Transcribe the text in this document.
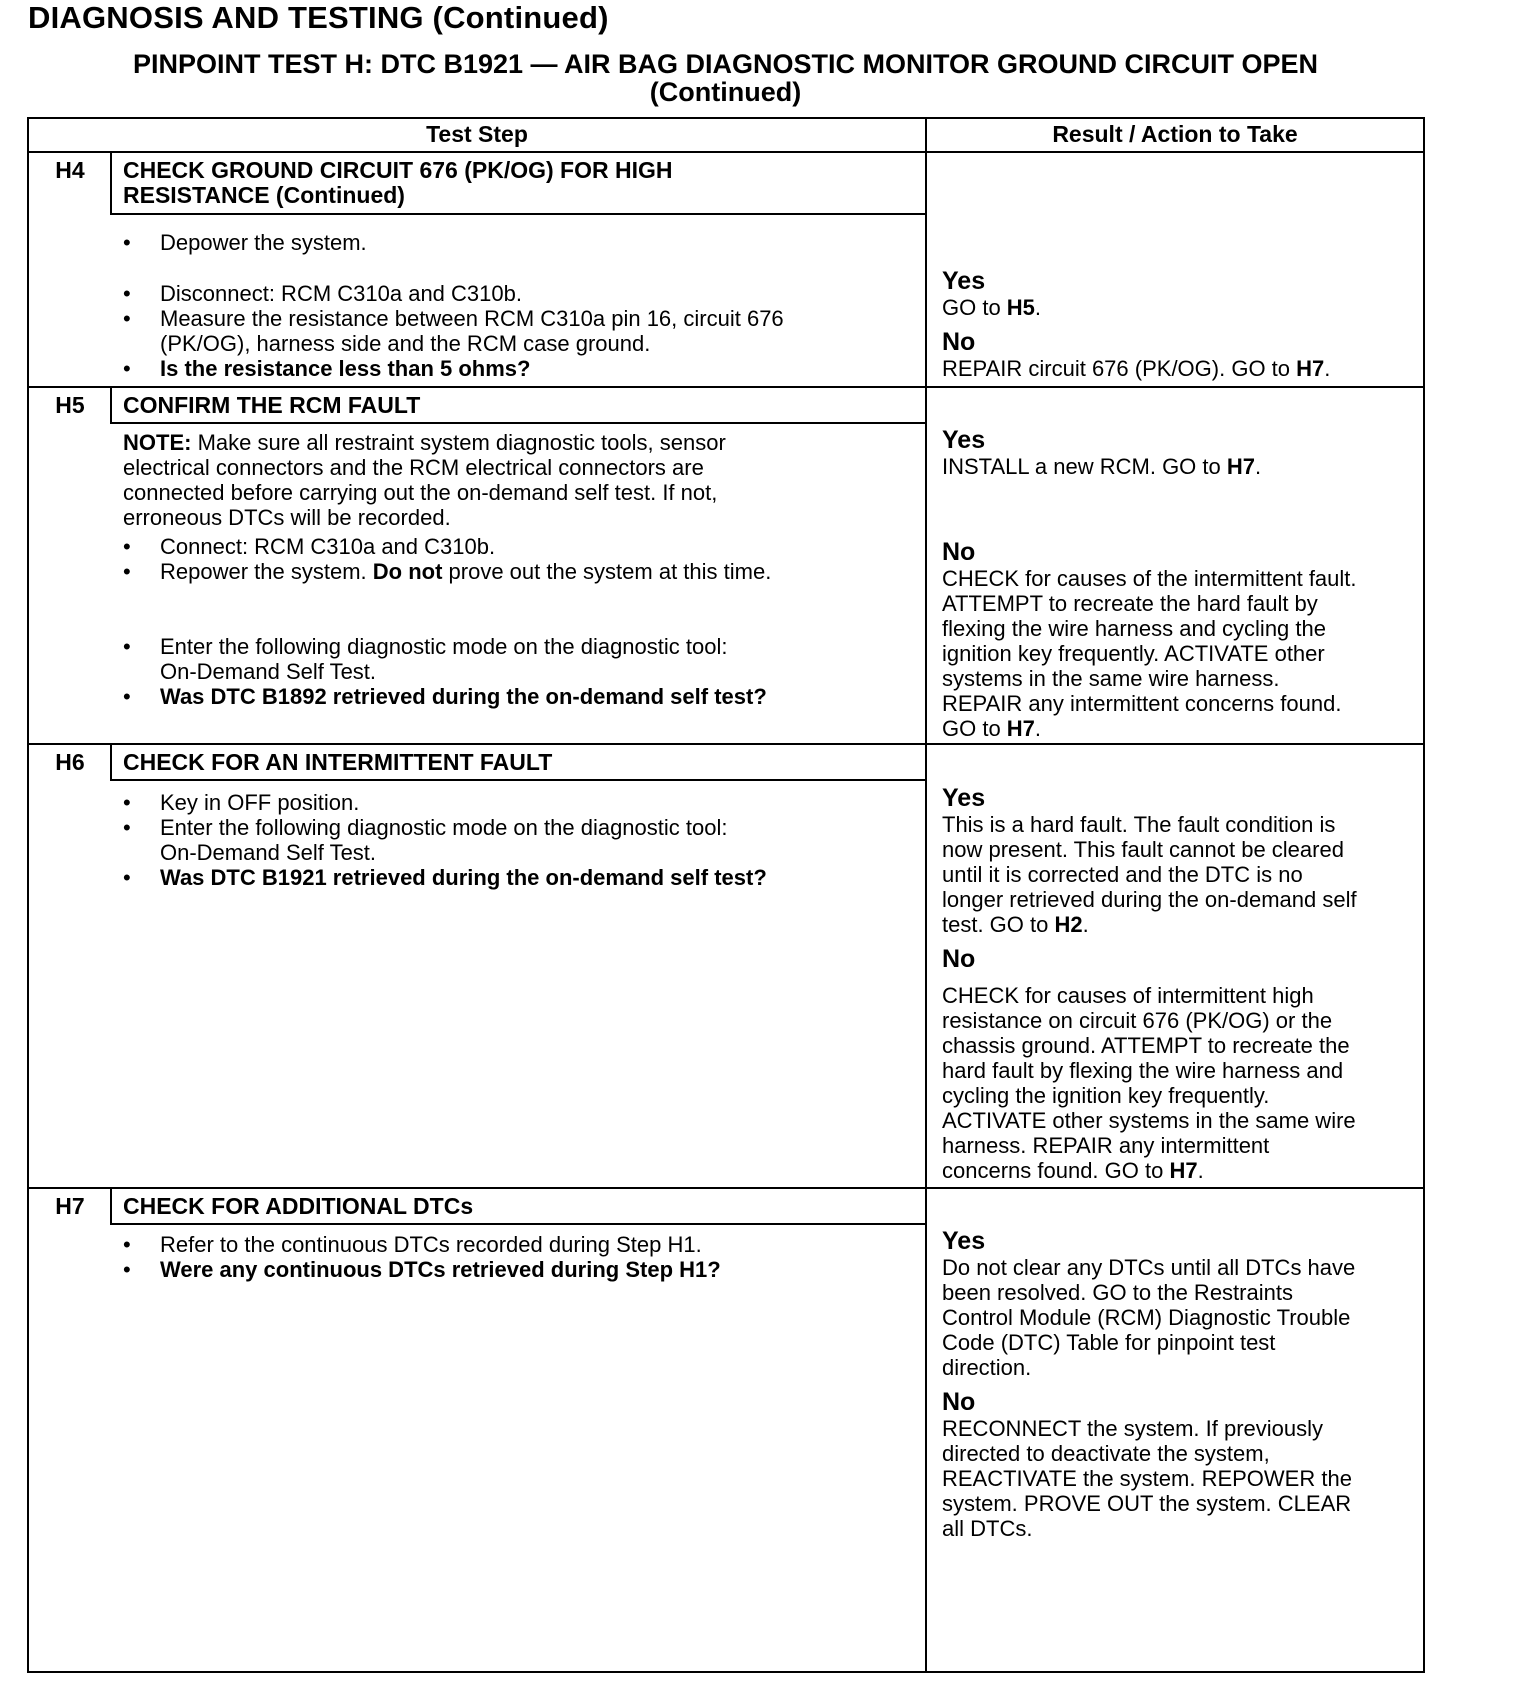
DIAGNOSIS AND TESTING (Continued)
PINPOINT TEST H: DTC B1921 — AIR BAG DIAGNOSTIC MONITOR GROUND CIRCUIT OPEN
(Continued)
Test Step	Result / Action to Take
H4	CHECK GROUND CIRCUIT 676 (PK/OG) FOR HIGH
RESISTANCE (Continued)
• Depower the system.
• Disconnect: RCM C310a and C310b.
• Measure the resistance between RCM C310a pin 16, circuit 676
(PK/OG), harness side and the RCM case ground.
• Is the resistance less than 5 ohms?
Yes
GO to H5.
No
REPAIR circuit 676 (PK/OG). GO to H7.
H5	CONFIRM THE RCM FAULT
NOTE: Make sure all restraint system diagnostic tools, sensor
electrical connectors and the RCM electrical connectors are
connected before carrying out the on-demand self test. If not,
erroneous DTCs will be recorded.
• Connect: RCM C310a and C310b.
• Repower the system. Do not prove out the system at this time.
• Enter the following diagnostic mode on the diagnostic tool:
On-Demand Self Test.
• Was DTC B1892 retrieved during the on-demand self test?
Yes
INSTALL a new RCM. GO to H7.
No
CHECK for causes of the intermittent fault.
ATTEMPT to recreate the hard fault by
flexing the wire harness and cycling the
ignition key frequently. ACTIVATE other
systems in the same wire harness.
REPAIR any intermittent concerns found.
GO to H7.
H6	CHECK FOR AN INTERMITTENT FAULT
• Key in OFF position.
• Enter the following diagnostic mode on the diagnostic tool:
On-Demand Self Test.
• Was DTC B1921 retrieved during the on-demand self test?
Yes
This is a hard fault. The fault condition is
now present. This fault cannot be cleared
until it is corrected and the DTC is no
longer retrieved during the on-demand self
test. GO to H2.
No
CHECK for causes of intermittent high
resistance on circuit 676 (PK/OG) or the
chassis ground. ATTEMPT to recreate the
hard fault by flexing the wire harness and
cycling the ignition key frequently.
ACTIVATE other systems in the same wire
harness. REPAIR any intermittent
concerns found. GO to H7.
H7	CHECK FOR ADDITIONAL DTCs
• Refer to the continuous DTCs recorded during Step H1.
• Were any continuous DTCs retrieved during Step H1?
Yes
Do not clear any DTCs until all DTCs have
been resolved. GO to the Restraints
Control Module (RCM) Diagnostic Trouble
Code (DTC) Table for pinpoint test
direction.
No
RECONNECT the system. If previously
directed to deactivate the system,
REACTIVATE the system. REPOWER the
system. PROVE OUT the system. CLEAR
all DTCs.
